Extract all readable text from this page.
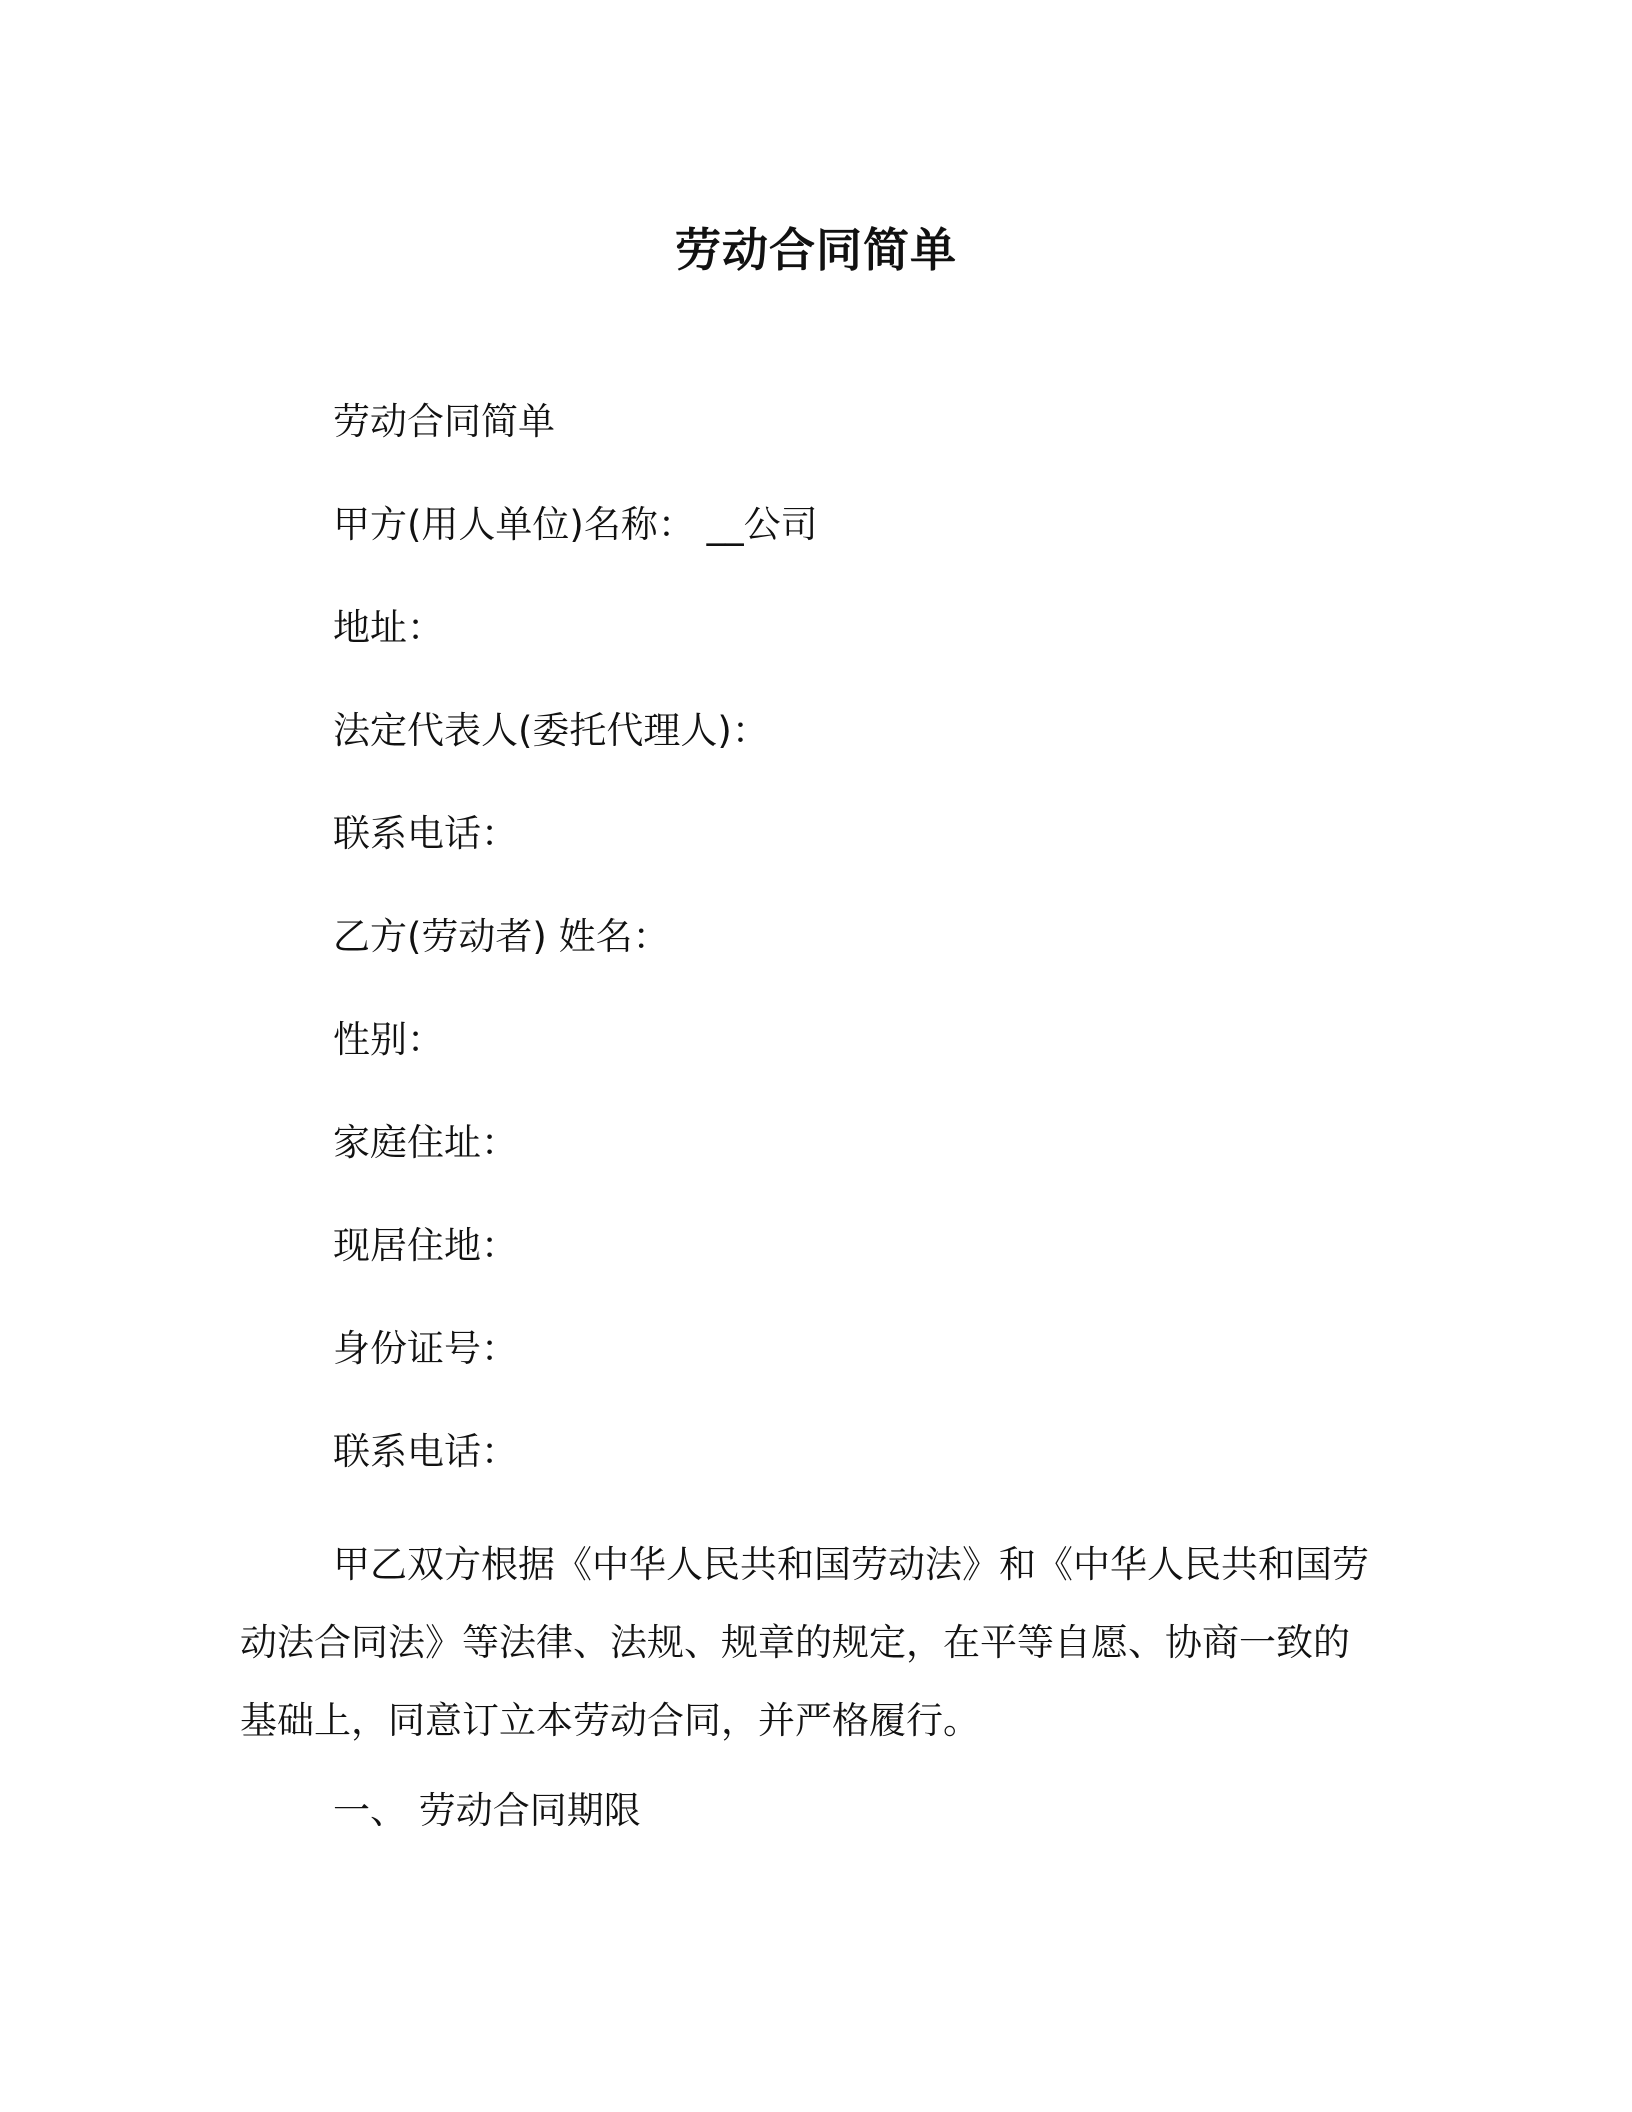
劳动合同简单
劳动合同简单
甲方(用人单位)名称： __公司
地址：
法定代表人(委托代理人)：
联系电话：
乙方(劳动者) 姓名：
性别：
家庭住址：
现居住地：
身份证号：
联系电话：
甲乙双方根据《中华人民共和国劳动法》和《中华人民共和国劳
动法合同法》等法律、法规、规章的规定，在平等自愿、协商一致的
基础上，同意订立本劳动合同，并严格履行。
一、 劳动合同期限
